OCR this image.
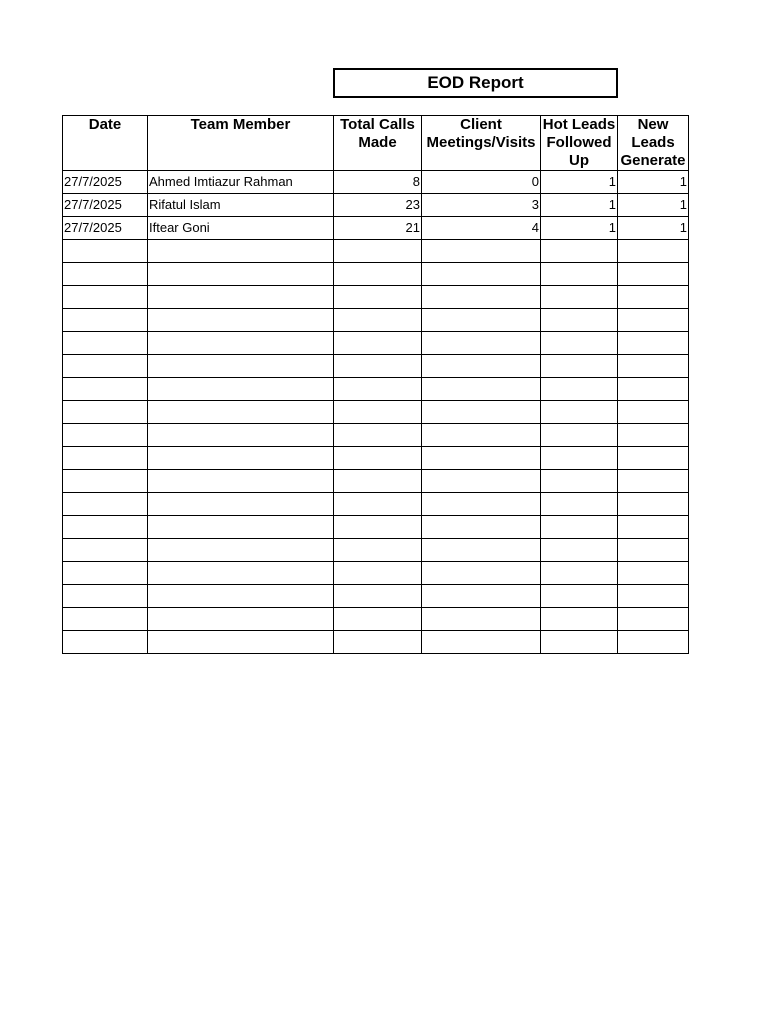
EOD Report
Date	Team Member	Total Calls Made	Client Meetings/Visits	Hot Leads Followed Up	New Leads Generate
27/7/2025	Ahmed Imtiazur Rahman	8	0	1	1
27/7/2025	Rifatul Islam	23	3	1	1
27/7/2025	Iftear Goni	21	4	1	1
